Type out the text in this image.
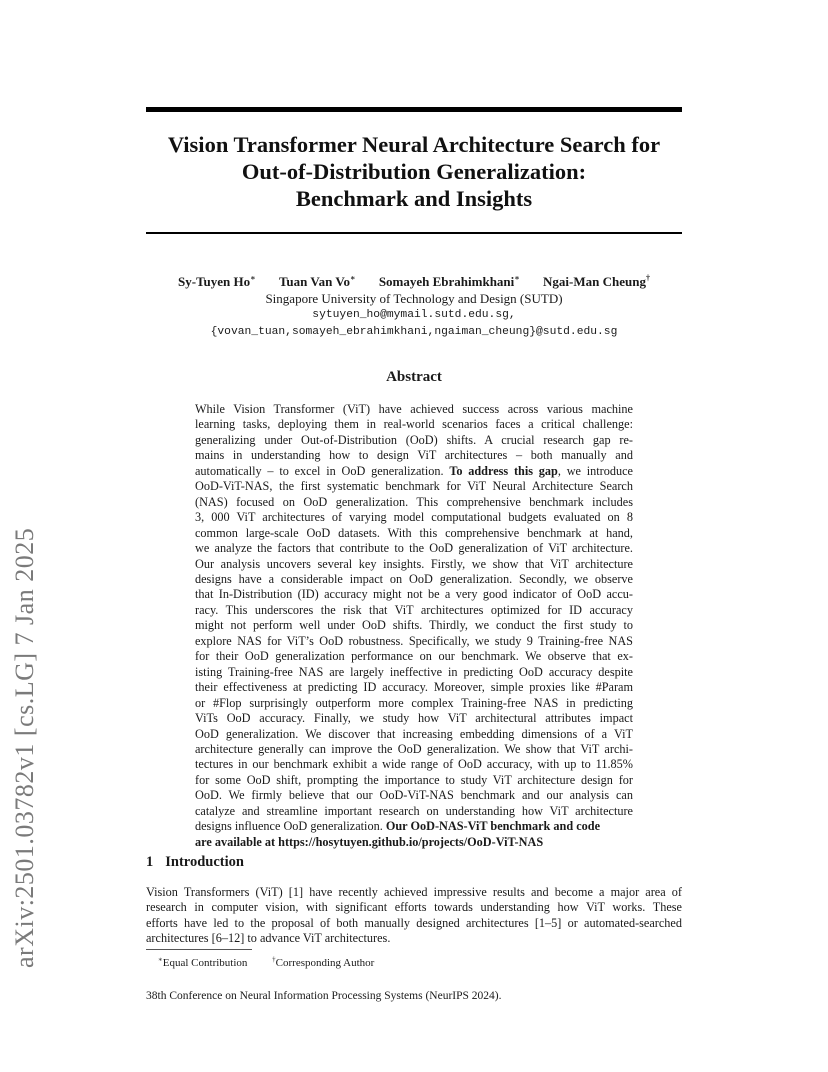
arXiv:2501.03782v1 [cs.LG] 7 Jan 2025
Vision Transformer Neural Architecture Search for
Out-of-Distribution Generalization:
Benchmark and Insights
Sy-Tuyen Ho∗ Tuan Van Vo∗ Somayeh Ebrahimkhani∗ Ngai-Man Cheung†
Singapore University of Technology and Design (SUTD)
sytuyen_ho@mymail.sutd.edu.sg,
{vovan_tuan,somayeh_ebrahimkhani,ngaiman_cheung}@sutd.edu.sg
Abstract
While Vision Transformer (ViT) have achieved success across various machine
learning tasks, deploying them in real-world scenarios faces a critical challenge:
generalizing under Out-of-Distribution (OoD) shifts. A crucial research gap re-
mains in understanding how to design ViT architectures – both manually and
automatically – to excel in OoD generalization. To address this gap, we introduce
OoD-ViT-NAS, the first systematic benchmark for ViT Neural Architecture Search
(NAS) focused on OoD generalization. This comprehensive benchmark includes
3, 000 ViT architectures of varying model computational budgets evaluated on 8
common large-scale OoD datasets. With this comprehensive benchmark at hand,
we analyze the factors that contribute to the OoD generalization of ViT architecture.
Our analysis uncovers several key insights. Firstly, we show that ViT architecture
designs have a considerable impact on OoD generalization. Secondly, we observe
that In-Distribution (ID) accuracy might not be a very good indicator of OoD accu-
racy. This underscores the risk that ViT architectures optimized for ID accuracy
might not perform well under OoD shifts. Thirdly, we conduct the first study to
explore NAS for ViT’s OoD robustness. Specifically, we study 9 Training-free NAS
for their OoD generalization performance on our benchmark. We observe that ex-
isting Training-free NAS are largely ineffective in predicting OoD accuracy despite
their effectiveness at predicting ID accuracy. Moreover, simple proxies like #Param
or #Flop surprisingly outperform more complex Training-free NAS in predicting
ViTs OoD accuracy. Finally, we study how ViT architectural attributes impact
OoD generalization. We discover that increasing embedding dimensions of a ViT
architecture generally can improve the OoD generalization. We show that ViT archi-
tectures in our benchmark exhibit a wide range of OoD accuracy, with up to 11.85%
for some OoD shift, prompting the importance to study ViT architecture design for
OoD. We firmly believe that our OoD-ViT-NAS benchmark and our analysis can
catalyze and streamline important research on understanding how ViT architecture
designs influence OoD generalization. Our OoD-NAS-ViT benchmark and code
are available at https://hosytuyen.github.io/projects/OoD-ViT-NAS
1 Introduction
Vision Transformers (ViT) [1] have recently achieved impressive results and become a major area of
research in computer vision, with significant efforts towards understanding how ViT works. These
efforts have led to the proposal of both manually designed architectures [1–5] or automated-searched
architectures [6–12] to advance ViT architectures.
∗Equal Contribution	†Corresponding Author
38th Conference on Neural Information Processing Systems (NeurIPS 2024).
